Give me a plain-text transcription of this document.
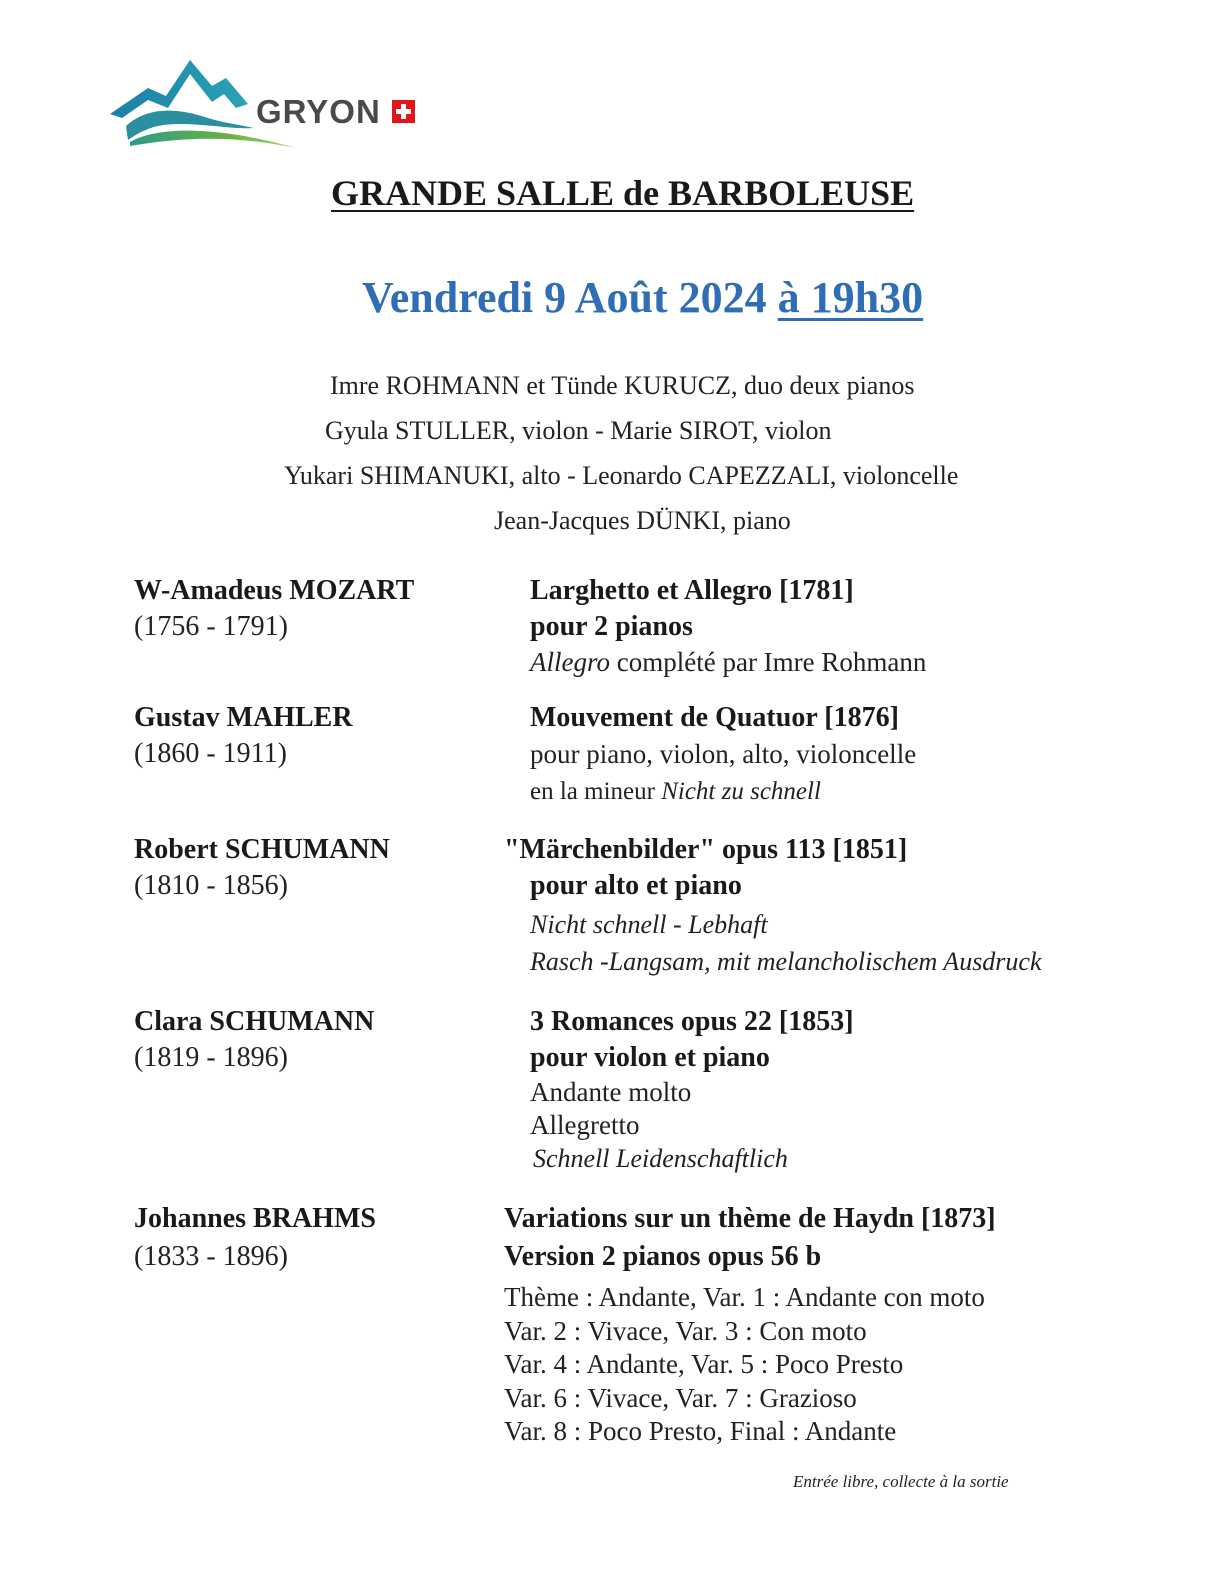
GRYON
GRANDE SALLE de BARBOLEUSE
Vendredi 9 Août 2024 à 19h30
Imre ROHMANN et Tünde KURUCZ, duo deux pianos
Gyula STULLER, violon - Marie SIROT, violon
Yukari SHIMANUKI, alto - Leonardo CAPEZZALI, violoncelle
Jean-Jacques DÜNKI, piano
W-Amadeus MOZART
(1756 - 1791)
Larghetto et Allegro [1781]
pour 2 pianos
Allegro complété par Imre Rohmann
Gustav MAHLER
(1860 - 1911)
Mouvement de Quatuor [1876]
pour piano, violon, alto, violoncelle
en la mineur Nicht zu schnell
Robert SCHUMANN
(1810 - 1856)
"Märchenbilder" opus 113 [1851]
pour alto et piano
Nicht schnell - Lebhaft
Rasch -Langsam, mit melancholischem Ausdruck
Clara SCHUMANN
(1819 - 1896)
3 Romances opus 22 [1853]
pour violon et piano
Andante molto
Allegretto
Schnell Leidenschaftlich
Johannes BRAHMS
(1833 - 1896)
Variations sur un thème de Haydn [1873]
Version 2 pianos opus 56 b
Thème : Andante, Var. 1 : Andante con moto
Var. 2 : Vivace, Var. 3 : Con moto
Var. 4 : Andante, Var. 5 : Poco Presto
Var. 6 : Vivace, Var. 7 : Grazioso
Var. 8 : Poco Presto, Final : Andante
Entrée libre, collecte à la sortie
